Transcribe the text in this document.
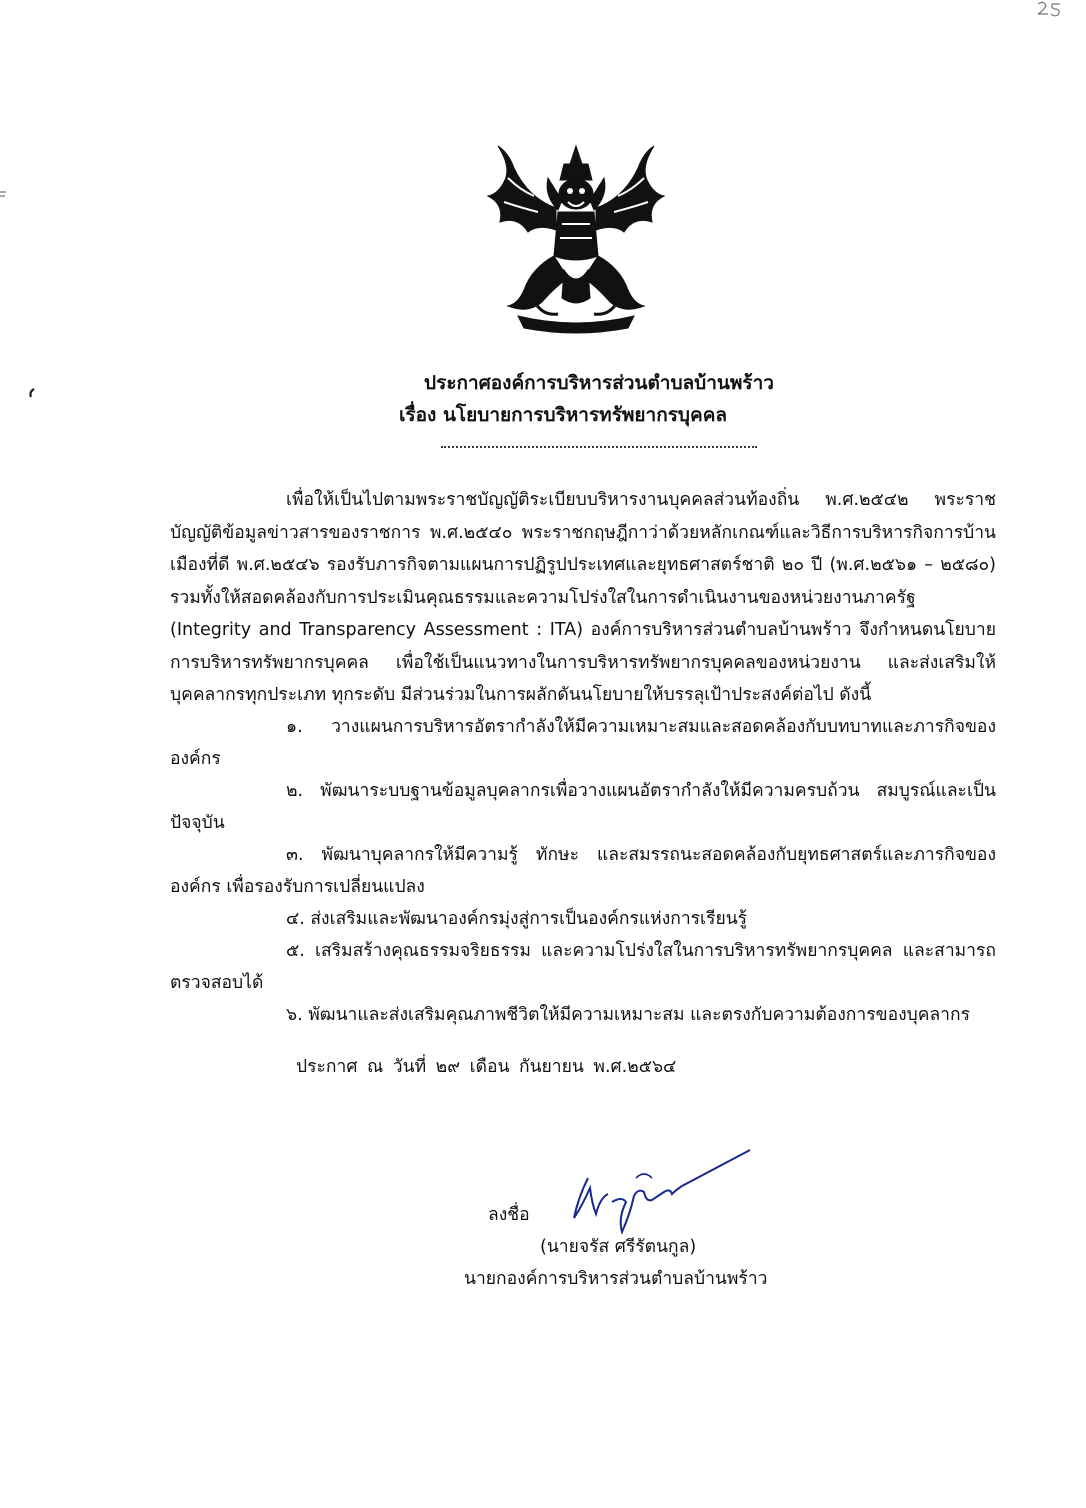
ประกาศองค์การบริหารส่วนตำบลบ้านพร้าว
เรื่อง นโยบายการบริหารทรัพยากรบุคคล

เพื่อให้เป็นไปตามพระราชบัญญัติระเบียบบริหารงานบุคคลส่วนท้องถิ่น พ.ศ.๒๕๔๒ พระราชบัญญัติข้อมูลข่าวสารของราชการ พ.ศ.๒๕๔๐ พระราชกฤษฎีกาว่าด้วยหลักเกณฑ์และวิธีการบริหารกิจการบ้านเมืองที่ดี พ.ศ.๒๕๔๖ รองรับภารกิจตามแผนการปฏิรูปประเทศและยุทธศาสตร์ชาติ ๒๐ ปี (พ.ศ.๒๕๖๑ – ๒๕๘๐) รวมทั้งให้สอดคล้องกับการประเมินคุณธรรมและความโปร่งใสในการดำเนินงานของหน่วยงานภาครัฐ (Integrity and Transparency Assessment : ITA) องค์การบริหารส่วนตำบลบ้านพร้าว จึงกำหนดนโยบายการบริหารทรัพยากรบุคคล เพื่อใช้เป็นแนวทางในการบริหารทรัพยากรบุคคลของหน่วยงาน และส่งเสริมให้บุคคลากรทุกประเภท ทุกระดับ มีส่วนร่วมในการผลักดันนโยบายให้บรรลุเป้าประสงค์ต่อไป ดังนี้

๑. วางแผนการบริหารอัตรากำลังให้มีความเหมาะสมและสอดคล้องกับบทบาทและภารกิจขององค์กร

๒. พัฒนาระบบฐานข้อมูลบุคลากรเพื่อวางแผนอัตรากำลังให้มีความครบถ้วน สมบูรณ์และเป็นปัจจุบัน

๓. พัฒนาบุคลากรให้มีความรู้ ทักษะ และสมรรถนะสอดคล้องกับยุทธศาสตร์และภารกิจขององค์กร เพื่อรองรับการเปลี่ยนแปลง

๔. ส่งเสริมและพัฒนาองค์กรมุ่งสู่การเป็นองค์กรแห่งการเรียนรู้

๕. เสริมสร้างคุณธรรมจริยธรรม และความโปร่งใสในการบริหารทรัพยากรบุคคล และสามารถตรวจสอบได้

๖. พัฒนาและส่งเสริมคุณภาพชีวิตให้มีความเหมาะสม และตรงกับความต้องการของบุคลากร

ประกาศ ณ วันที่ ๒๙ เดือน กันยายน พ.ศ.๒๕๖๔
ลงชื่อ
(นายจรัส ศรีรัตนกูล)
นายกองค์การบริหารส่วนตำบลบ้านพร้าว
